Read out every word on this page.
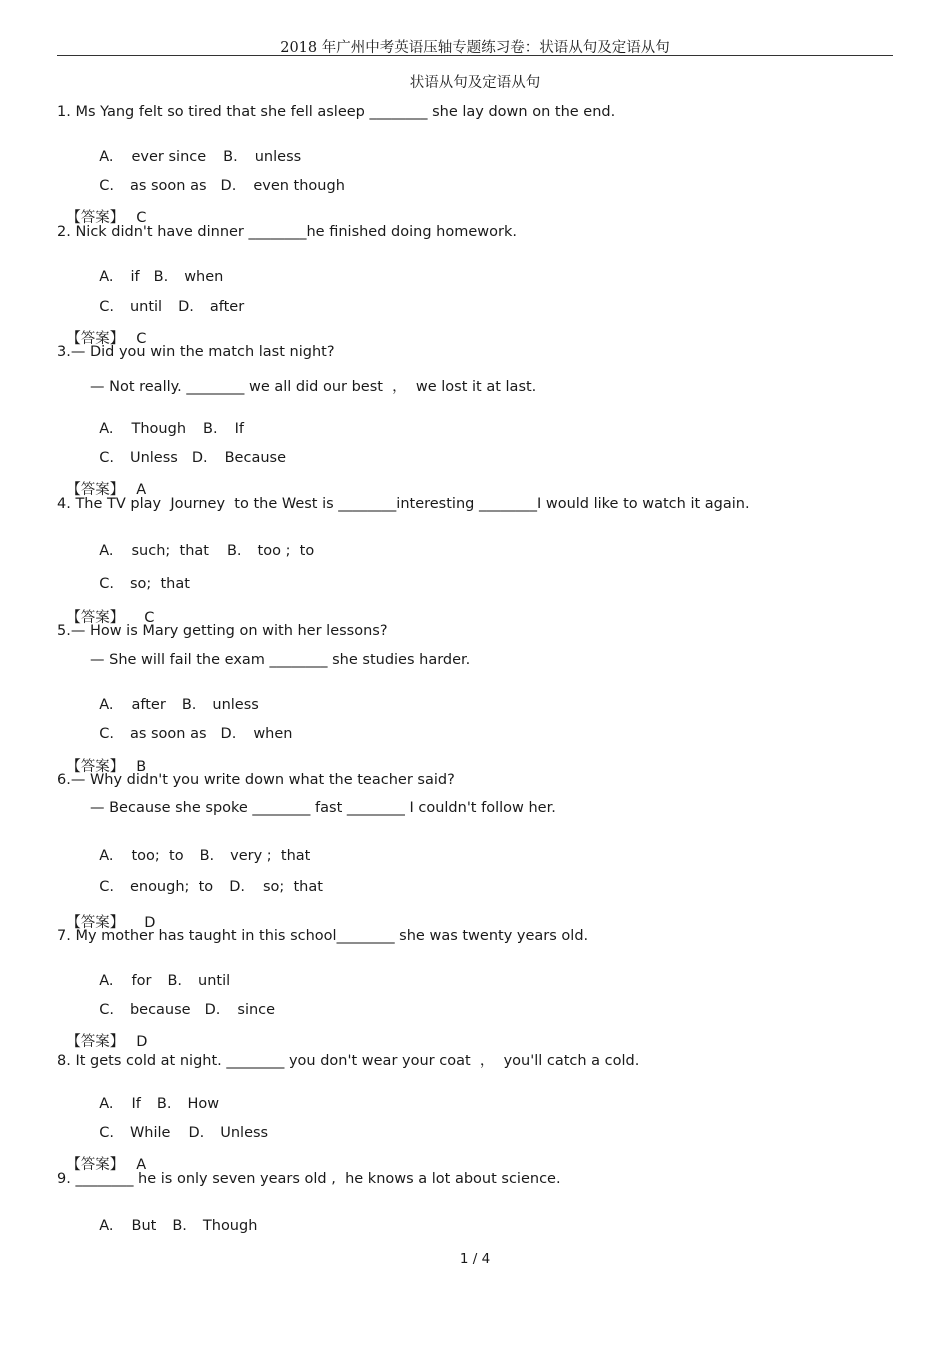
2018 年广州中考英语压轴专题练习卷：状语从句及定语从句
状语从句及定语从句
1. Ms Yang felt so tired that she fell asleep ________ she lay down on the end.

A. ever since B. unless

C. as soon as D. even though

【答案】 C

2. Nick didn't have dinner ________he finished doing homework.

A. if B. when

C. until D. after

【答案】 C

3.— Did you win the match last night?
— Not really. ________ we all did our best  ，  we lost it at last.

A. Though B. If

C. Unless D. Because

【答案】 A

4. The TV play  Journey  to the West is ________interesting ________I would like to watch it again.

A. such;  that B. too ;  to

C. so;  that

【答案】 C

5.— How is Mary getting on with her lessons?
— She will fail the exam ________ she studies harder.

A. after B. unless

C. as soon as D. when

【答案】 B

6.— Why didn't you write down what the teacher said?
— Because she spoke ________ fast ________ I couldn't follow her.

A. too;  to B. very ;  that

C. enough;  to D. so;  that

【答案】 D

7. My mother has taught in this school________ she was twenty years old.

A. for B. until

C. because D. since

【答案】 D

8. It gets cold at night. ________ you don't wear your coat  ，  you'll catch a cold.

A. If B. How

C. While D. Unless

【答案】 A

9. ________ he is only seven years old ,  he knows a lot about science.

A. But B. Though

1 / 4
